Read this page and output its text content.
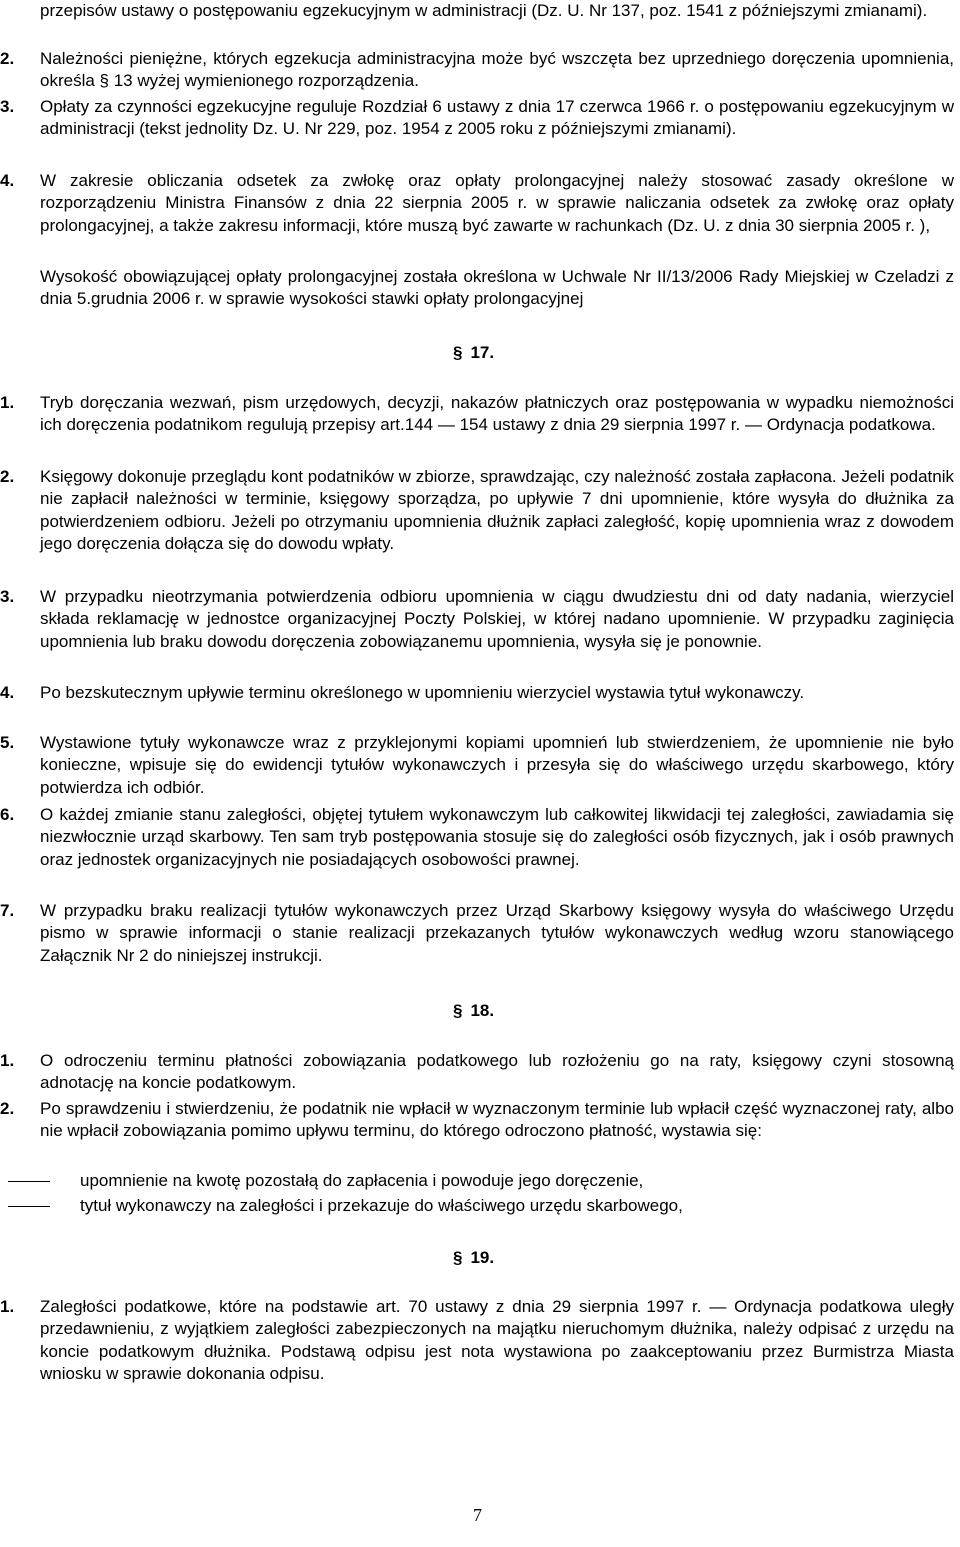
przepisów ustawy o postępowaniu egzekucyjnym w administracji (Dz. U. Nr 137, poz. 1541 z późniejszymi zmianami).
2. Należności pieniężne, których egzekucja administracyjna może być wszczęta bez uprzedniego doręczenia upomnienia, określa § 13 wyżej wymienionego rozporządzenia.
3. Opłaty za czynności egzekucyjne reguluje Rozdział 6 ustawy z dnia 17 czerwca 1966 r. o postępowaniu egzekucyjnym w administracji (tekst jednolity Dz. U. Nr 229, poz. 1954 z 2005 roku z późniejszymi zmianami).
4. W zakresie obliczania odsetek za zwłokę oraz opłaty prolongacyjnej należy stosować zasady określone w rozporządzeniu Ministra Finansów z dnia 22 sierpnia 2005 r. w sprawie naliczania odsetek za zwłokę oraz opłaty prolongacyjnej, a także zakresu informacji, które muszą być zawarte w rachunkach (Dz. U. z dnia 30 sierpnia 2005 r. ),
Wysokość obowiązującej opłaty prolongacyjnej została określona w Uchwale Nr II/13/2006 Rady Miejskiej w Czeladzi z dnia 5.grudnia 2006 r. w sprawie wysokości stawki opłaty prolongacyjnej
§ 17.
1. Tryb doręczania wezwań, pism urzędowych, decyzji, nakazów płatniczych oraz postępowania w wypadku niemożności ich doręczenia podatnikom regulują przepisy art.144 — 154 ustawy z dnia 29 sierpnia 1997 r. — Ordynacja podatkowa.
2. Księgowy dokonuje przeglądu kont podatników w zbiorze, sprawdzając, czy należność została zapłacona. Jeżeli podatnik nie zapłacił należności w terminie, księgowy sporządza, po upływie 7 dni upomnienie, które wysyła do dłużnika za potwierdzeniem odbioru. Jeżeli po otrzymaniu upomnienia dłużnik zapłaci zaległość, kopię upomnienia wraz z dowodem jego doręczenia dołącza się do dowodu wpłaty.
3. W przypadku nieotrzymania potwierdzenia odbioru upomnienia w ciągu dwudziestu dni od daty nadania, wierzyciel składa reklamację w jednostce organizacyjnej Poczty Polskiej, w której nadano upomnienie. W przypadku zaginięcia upomnienia lub braku dowodu doręczenia zobowiązanemu upomnienia, wysyła się je ponownie.
4. Po bezskutecznym upływie terminu określonego w upomnieniu wierzyciel wystawia tytuł wykonawczy.
5. Wystawione tytuły wykonawcze wraz z przyklejonymi kopiami upomnień lub stwierdzeniem, że upomnienie nie było konieczne, wpisuje się do ewidencji tytułów wykonawczych i przesyła się do właściwego urzędu skarbowego, który potwierdza ich odbiór.
6. O każdej zmianie stanu zaległości, objętej tytułem wykonawczym lub całkowitej likwidacji tej zaległości, zawiadamia się niezwłocznie urząd skarbowy. Ten sam tryb postępowania stosuje się do zaległości osób fizycznych, jak i osób prawnych oraz jednostek organizacyjnych nie posiadających osobowości prawnej.
7. W przypadku braku realizacji tytułów wykonawczych przez Urząd Skarbowy księgowy wysyła do właściwego Urzędu pismo w sprawie informacji o stanie realizacji przekazanych tytułów wykonawczych według wzoru stanowiącego Załącznik Nr 2 do niniejszej instrukcji.
§ 18.
1. O odroczeniu terminu płatności zobowiązania podatkowego lub rozłożeniu go na raty, księgowy czyni stosowną adnotację na koncie podatkowym.
2. Po sprawdzeniu i stwierdzeniu, że podatnik nie wpłacił w wyznaczonym terminie lub wpłacił część wyznaczonej raty, albo nie wpłacił zobowiązania pomimo upływu terminu, do którego odroczono płatność, wystawia się:
upomnienie na kwotę pozostałą do zapłacenia i powoduje jego doręczenie,
tytuł wykonawczy na zaległości i przekazuje do właściwego urzędu skarbowego,
§ 19.
1. Zaległości podatkowe, które na podstawie art. 70 ustawy z dnia 29 sierpnia 1997 r. — Ordynacja podatkowa uległy przedawnieniu, z wyjątkiem zaległości zabezpieczonych na majątku nieruchomym dłużnika, należy odpisać z urzędu na koncie podatkowym dłużnika. Podstawą odpisu jest nota wystawiona po zaakceptowaniu przez Burmistrza Miasta wniosku w sprawie dokonania odpisu.
7
